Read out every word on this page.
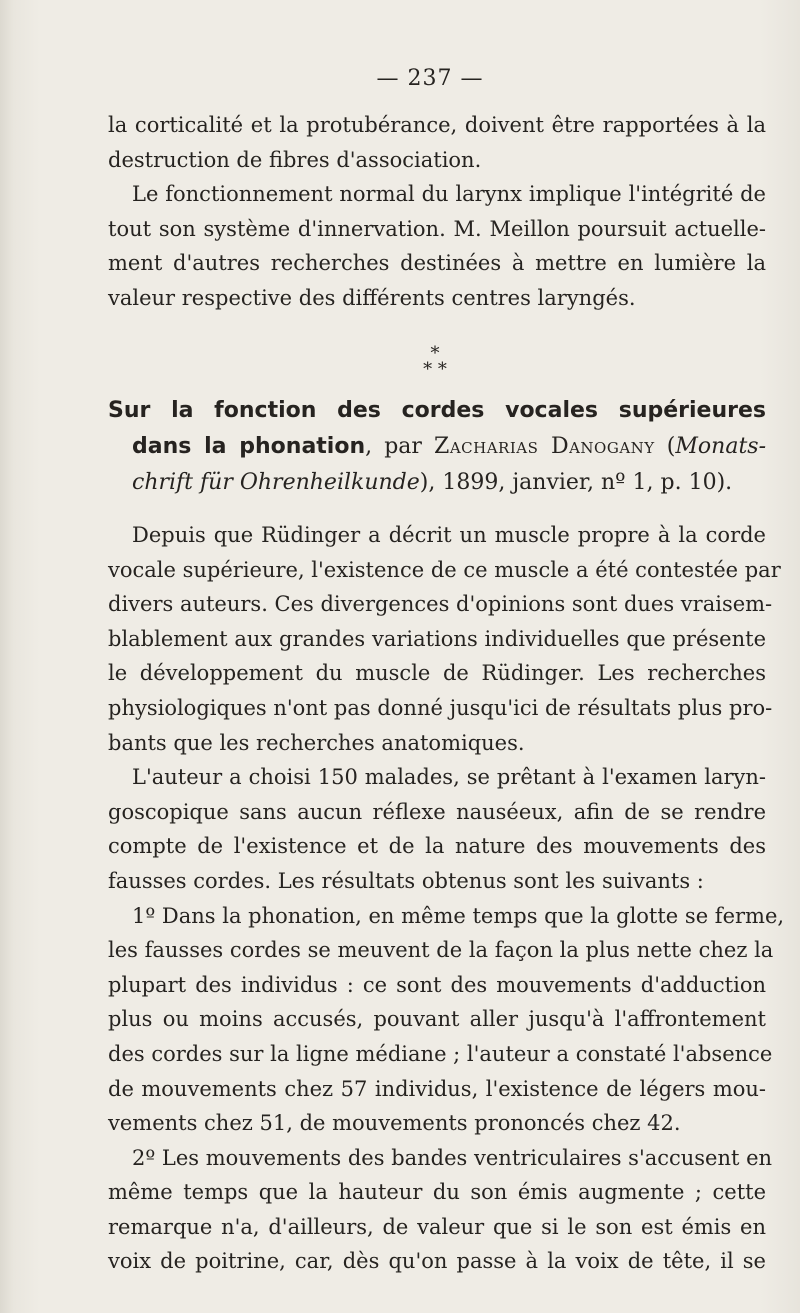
— 237 —
la corticalité et la protubérance, doivent être rapportées à la
destruction de fibres d'association.
Le fonctionnement normal du larynx implique l'intégrité de
tout son système d'innervation. M. Meillon poursuit actuelle-
ment d'autres recherches destinées à mettre en lumière la
valeur respective des différents centres laryngés.
*
* *
Sur la fonction des cordes vocales supérieures
dans la phonation, par Zacharias Danogany (Monats-
chrift für Ohrenheilkunde), 1899, janvier, nº 1, p. 10).
Depuis que Rüdinger a décrit un muscle propre à la corde
vocale supérieure, l'existence de ce muscle a été contestée par
divers auteurs. Ces divergences d'opinions sont dues vraisem-
blablement aux grandes variations individuelles que présente
le développement du muscle de Rüdinger. Les recherches
physiologiques n'ont pas donné jusqu'ici de résultats plus pro-
bants que les recherches anatomiques.
L'auteur a choisi 150 malades, se prêtant à l'examen laryn-
goscopique sans aucun réflexe nauséeux, afin de se rendre
compte de l'existence et de la nature des mouvements des
fausses cordes. Les résultats obtenus sont les suivants :
1º Dans la phonation, en même temps que la glotte se ferme,
les fausses cordes se meuvent de la façon la plus nette chez la
plupart des individus : ce sont des mouvements d'adduction
plus ou moins accusés, pouvant aller jusqu'à l'affrontement
des cordes sur la ligne médiane ; l'auteur a constaté l'absence
de mouvements chez 57 individus, l'existence de légers mou-
vements chez 51, de mouvements prononcés chez 42.
2º Les mouvements des bandes ventriculaires s'accusent en
même temps que la hauteur du son émis augmente ; cette
remarque n'a, d'ailleurs, de valeur que si le son est émis en
voix de poitrine, car, dès qu'on passe à la voix de tête, il se
